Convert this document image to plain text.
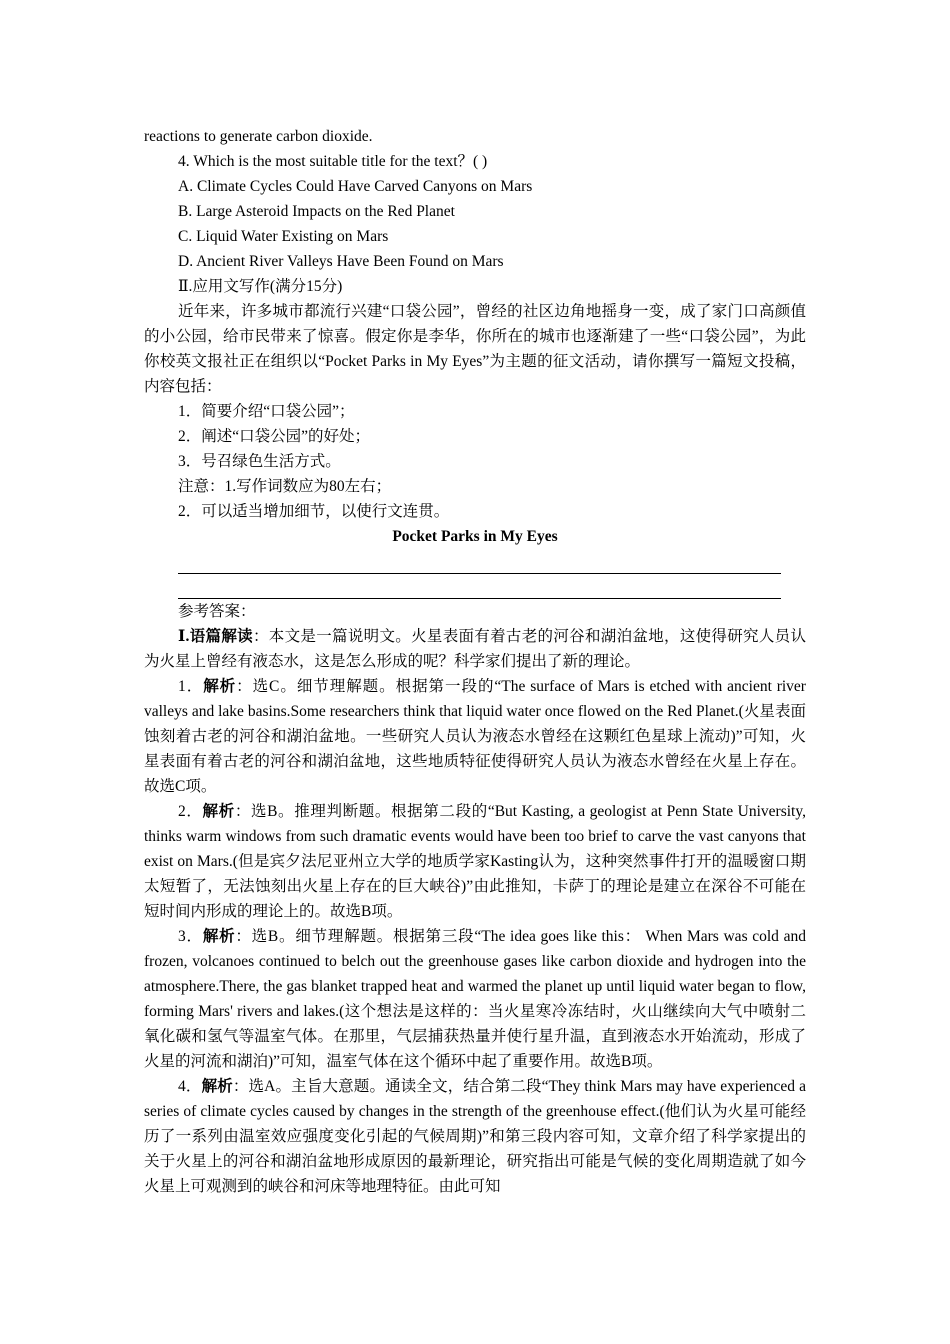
reactions to generate carbon dioxide.

4. Which is the most suitable title for the text？( )

A. Climate Cycles Could Have Carved Canyons on Mars

B. Large Asteroid Impacts on the Red Planet

C. Liquid Water Existing on Mars

D. Ancient River Valleys Have Been Found on Mars

Ⅱ.应用文写作(满分15分)

近年来，许多城市都流行兴建“口袋公园”，曾经的社区边角地摇身一变，成了家门口高颜值的小公园，给市民带来了惊喜。假定你是李华，你所在的城市也逐渐建了一些“口袋公园”，为此你校英文报社正在组织以“Pocket Parks in My Eyes”为主题的征文活动，请你撰写一篇短文投稿，内容包括：

1．简要介绍“口袋公园”；

2．阐述“口袋公园”的好处；

3．号召绿色生活方式。

注意：1.写作词数应为80左右；

2．可以适当增加细节，以使行文连贯。

Pocket Parks in My Eyes

参考答案：

Ⅰ.语篇解读：本文是一篇说明文。火星表面有着古老的河谷和湖泊盆地，这使得研究人员认为火星上曾经有液态水，这是怎么形成的呢？科学家们提出了新的理论。

1．解析：选C。细节理解题。根据第一段的“The surface of Mars is etched with ancient river valleys and lake basins.Some researchers think that liquid water once flowed on the Red Planet.(火星表面蚀刻着古老的河谷和湖泊盆地。一些研究人员认为液态水曾经在这颗红色星球上流动)”可知，火星表面有着古老的河谷和湖泊盆地，这些地质特征使得研究人员认为液态水曾经在火星上存在。故选C项。

2．解析：选B。推理判断题。根据第二段的“But Kasting, a geologist at Penn State University, thinks warm windows from such dramatic events would have been too brief to carve the vast canyons that exist on Mars.(但是宾夕法尼亚州立大学的地质学家Kasting认为，这种突然事件打开的温暖窗口期太短暂了，无法蚀刻出火星上存在的巨大峡谷)”由此推知，卡萨丁的理论是建立在深谷不可能在短时间内形成的理论上的。故选B项。

3．解析：选B。细节理解题。根据第三段“The idea goes like this： When Mars was cold and frozen, volcanoes continued to belch out the greenhouse gases like carbon dioxide and hydrogen into the atmosphere.There, the gas blanket trapped heat and warmed the planet up until liquid water began to flow, forming Mars' rivers and lakes.(这个想法是这样的：当火星寒冷冻结时，火山继续向大气中喷射二氧化碳和氢气等温室气体。在那里，气层捕获热量并使行星升温，直到液态水开始流动，形成了火星的河流和湖泊)”可知，温室气体在这个循环中起了重要作用。故选B项。

4．解析：选A。主旨大意题。通读全文，结合第二段“They think Mars may have experienced a series of climate cycles caused by changes in the strength of the greenhouse effect.(他们认为火星可能经历了一系列由温室效应强度变化引起的气候周期)”和第三段内容可知，文章介绍了科学家提出的关于火星上的河谷和湖泊盆地形成原因的最新理论，研究指出可能是气候的变化周期造就了如今火星上可观测到的峡谷和河床等地理特征。由此可知
